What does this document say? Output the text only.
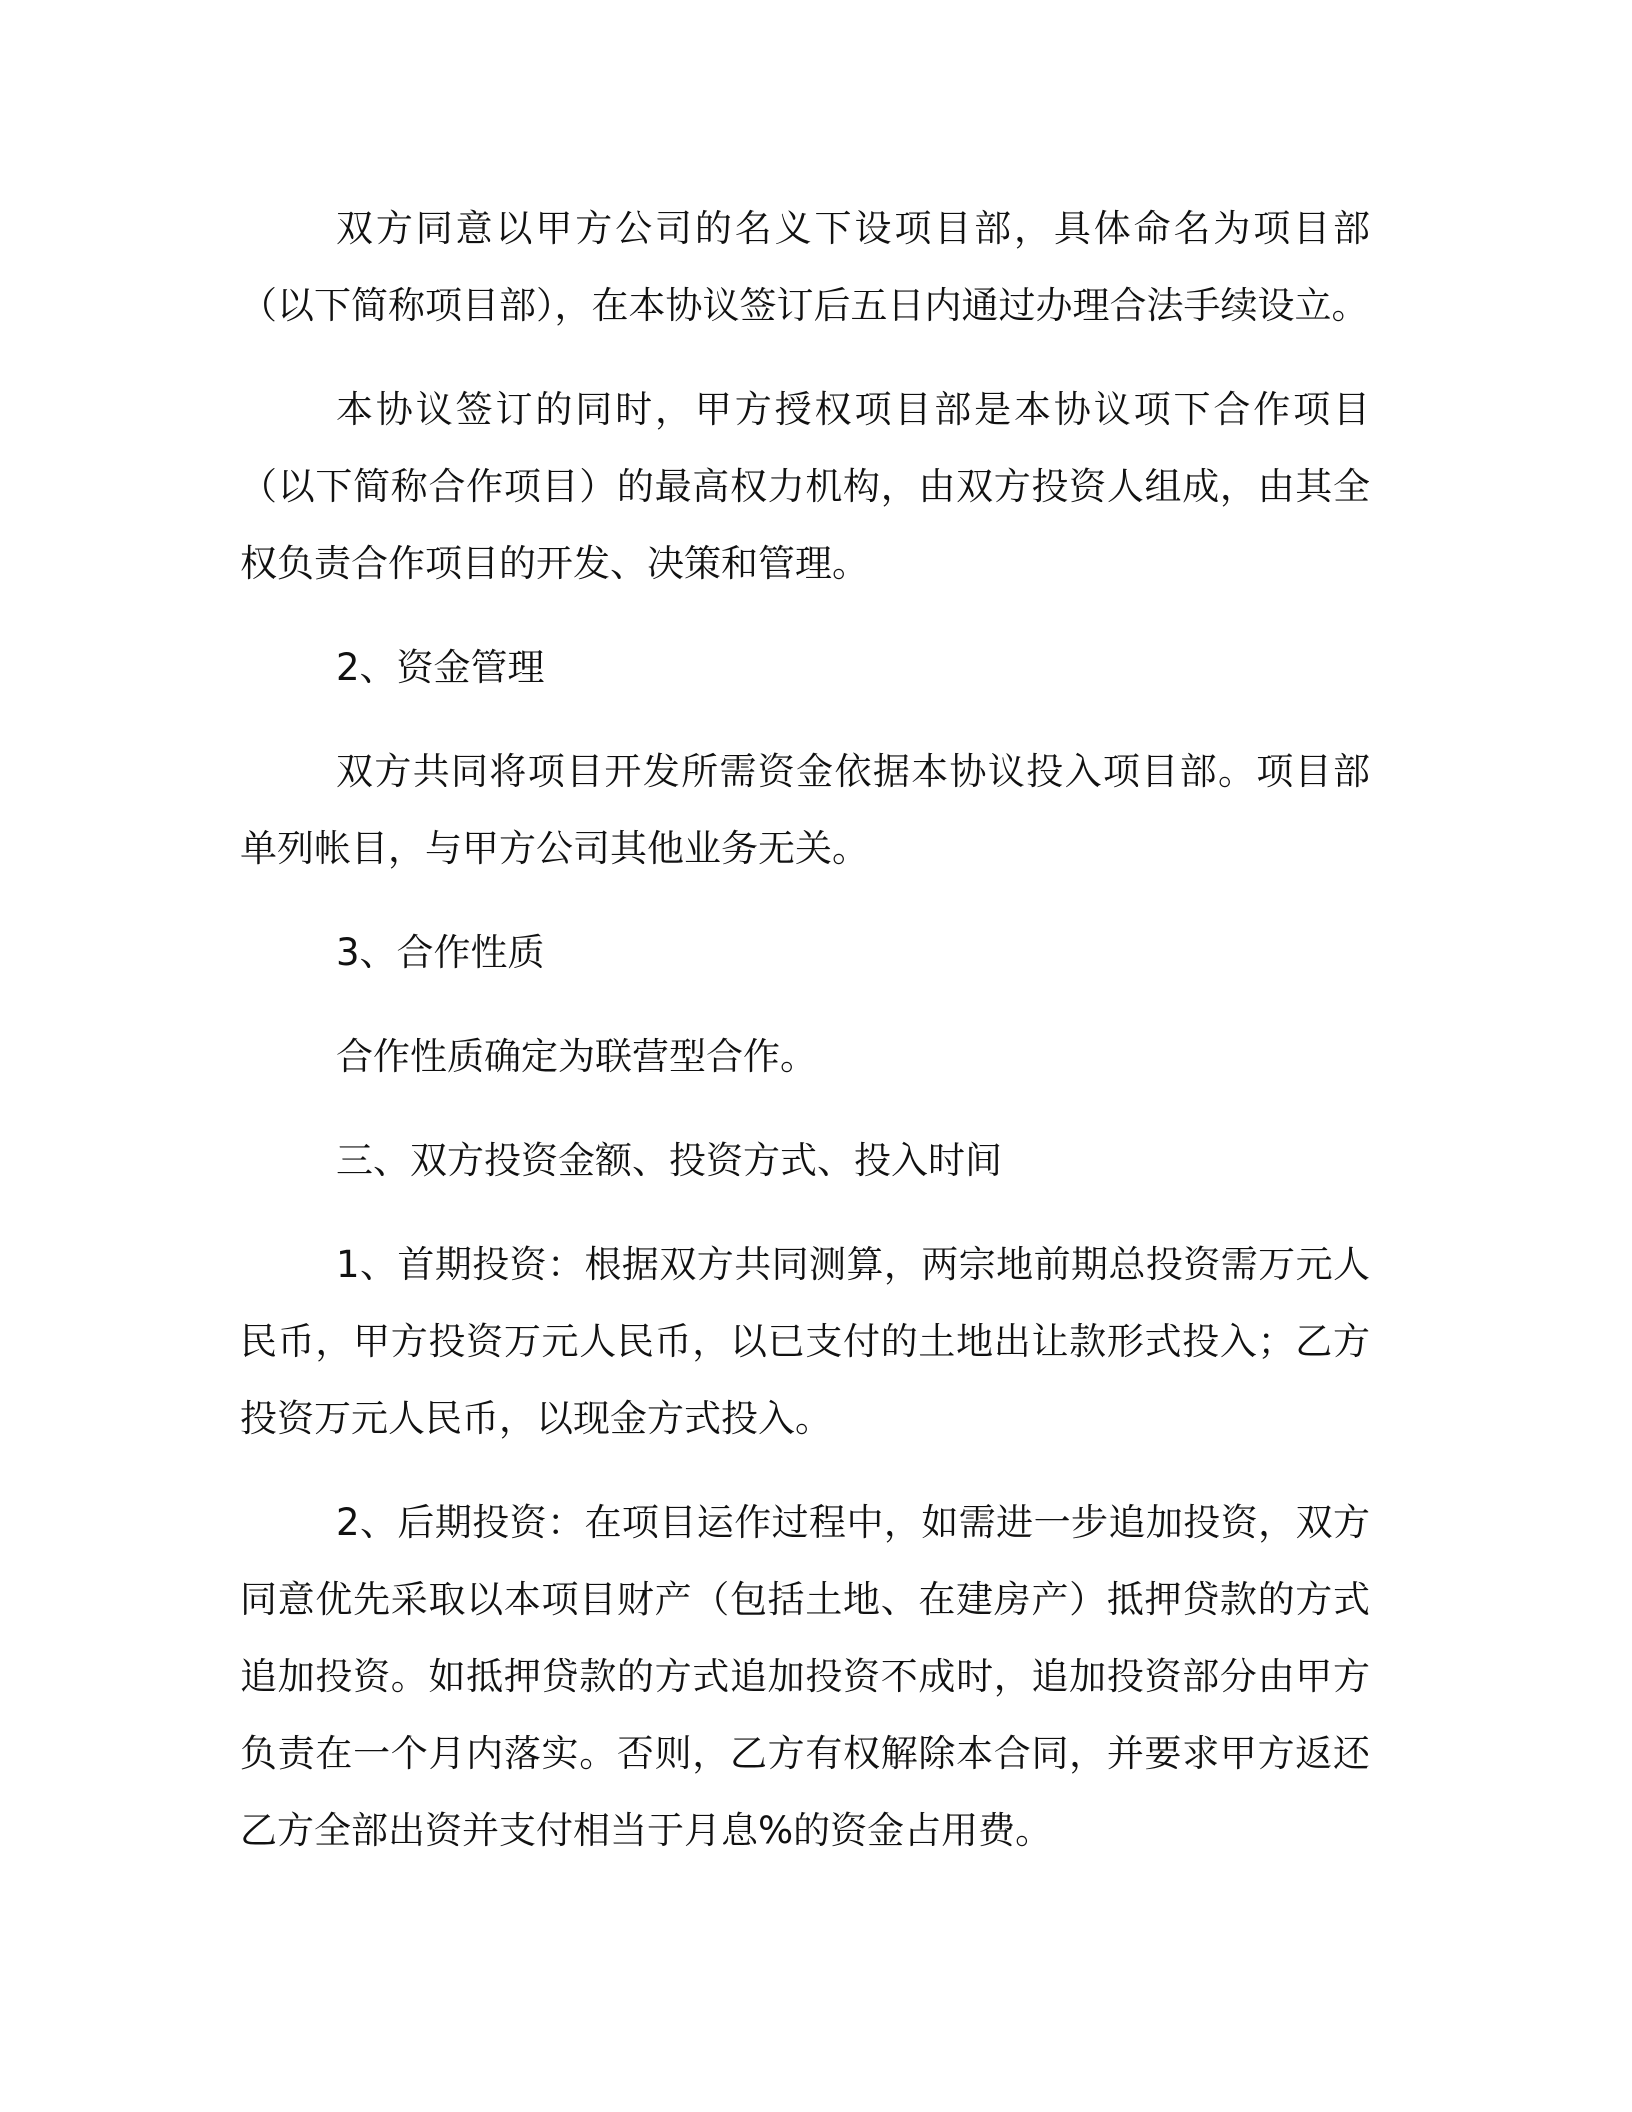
双方同意以甲方公司的名义下设项目部，具体命名为项目部（以下简称项目部），在本协议签订后五日内通过办理合法手续设立。

本协议签订的同时，甲方授权项目部是本协议项下合作项目（以下简称合作项目）的最高权力机构，由双方投资人组成，由其全权负责合作项目的开发、决策和管理。

2、资金管理

双方共同将项目开发所需资金依据本协议投入项目部。项目部单列帐目，与甲方公司其他业务无关。

3、合作性质

合作性质确定为联营型合作。

三、双方投资金额、投资方式、投入时间

1、首期投资：根据双方共同测算，两宗地前期总投资需万元人民币，甲方投资万元人民币，以已支付的土地出让款形式投入；乙方投资万元人民币，以现金方式投入。

2、后期投资：在项目运作过程中，如需进一步追加投资，双方同意优先采取以本项目财产（包括土地、在建房产）抵押贷款的方式追加投资。如抵押贷款的方式追加投资不成时，追加投资部分由甲方负责在一个月内落实。否则，乙方有权解除本合同，并要求甲方返还乙方全部出资并支付相当于月息%的资金占用费。
